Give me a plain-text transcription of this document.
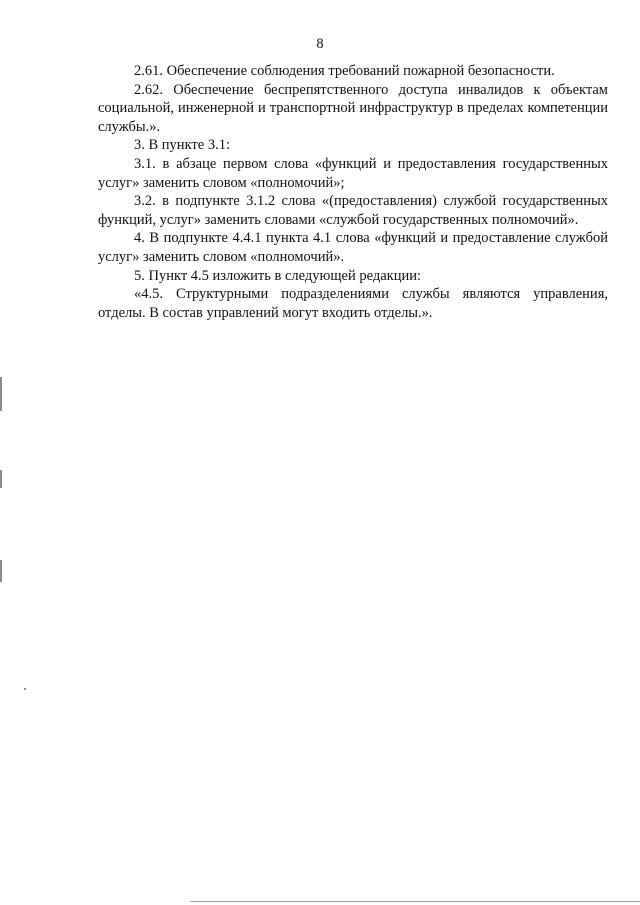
8

2.61. Обеспечение соблюдения требований пожарной безопасности.

2.62. Обеспечение беспрепятственного доступа инвалидов к объектам социальной, инженерной и транспортной инфраструктур в пределах компетенции службы.».

3. В пункте 3.1:

3.1. в абзаце первом слова «функций и предоставления государственных услуг» заменить словом «полномочий»;

3.2. в подпункте 3.1.2 слова «(предоставления) службой государственных функций, услуг» заменить словами «службой государственных полномочий».

4. В подпункте 4.4.1 пункта 4.1 слова «функций и предоставление службой услуг» заменить словом «полномочий».

5. Пункт 4.5 изложить в следующей редакции:

«4.5. Структурными подразделениями службы являются управления, отделы. В состав управлений могут входить отделы.».
